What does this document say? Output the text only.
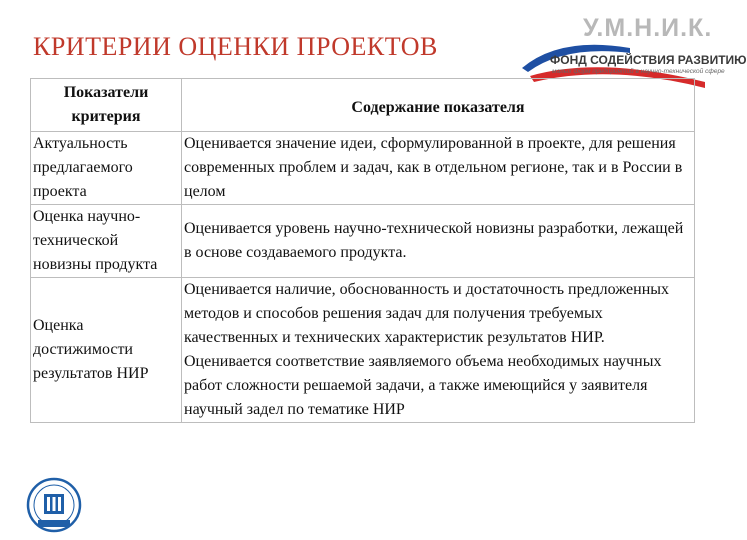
КРИТЕРИИ ОЦЕНКИ ПРОЕКТОВ
У.М.Н.И.К.
ФОНД СОДЕЙСТВИЯ РАЗВИТИЮ
малых форм предприятий в научно-технической сфере
Показатели критерия	Содержание показателя
Актуальность предлагаемого проекта	Оценивается значение идеи, сформулированной в проекте, для решения современных проблем и задач, как в отдельном регионе, так и в России в целом
Оценка научно-технической новизны продукта	Оценивается уровень научно-технической новизны разработки, лежащей в основе создаваемого продукта.
Оценка достижимости результатов НИР	Оценивается наличие, обоснованность и достаточность предложенных методов и способов решения задач для получения требуемых качественных и технических характеристик результатов НИР. Оценивается соответствие заявляемого объема необходимых научных работ сложности решаемой задачи, а также имеющийся у заявителя научный задел по тематике НИР
